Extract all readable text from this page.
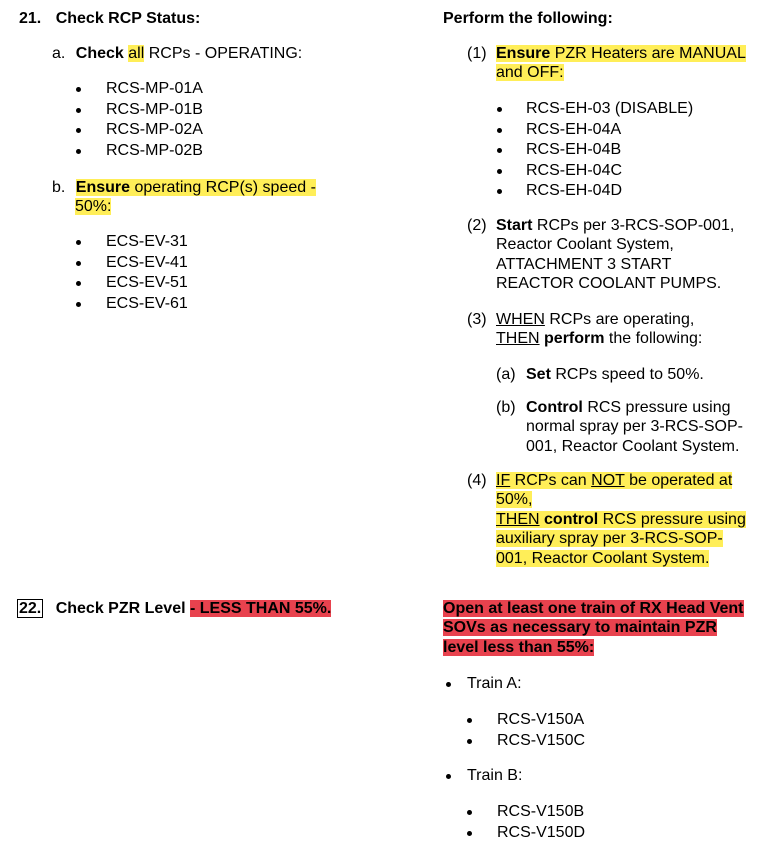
21. Check RCP Status:
a. Check all RCPs - OPERATING:
RCS-MP-01A
RCS-MP-01B
RCS-MP-02A
RCS-MP-02B
b. Ensure operating RCP(s) speed -
50%:
ECS-EV-31
ECS-EV-41
ECS-EV-51
ECS-EV-61
Perform the following:
(1) Ensure PZR Heaters are MANUAL
and OFF:
RCS-EH-03 (DISABLE)
RCS-EH-04A
RCS-EH-04B
RCS-EH-04C
RCS-EH-04D
(2) Start RCPs per 3-RCS-SOP-001,
Reactor Coolant System,
ATTACHMENT 3 START
REACTOR COOLANT PUMPS.
(3) WHEN RCPs are operating,
THEN perform the following:
(a) Set RCPs speed to 50%.
(b) Control RCS pressure using
normal spray per 3-RCS-SOP-
001, Reactor Coolant System.
(4) IF RCPs can NOT be operated at
50%,
THEN control RCS pressure using
auxiliary spray per 3-RCS-SOP-
001, Reactor Coolant System.
22. Check PZR Level - LESS THAN 55%.	Open at least one train of RX Head Vent
SOVs as necessary to maintain PZR
level less than 55%:
Train A:
RCS-V150A
RCS-V150C
Train B:
RCS-V150B
RCS-V150D
